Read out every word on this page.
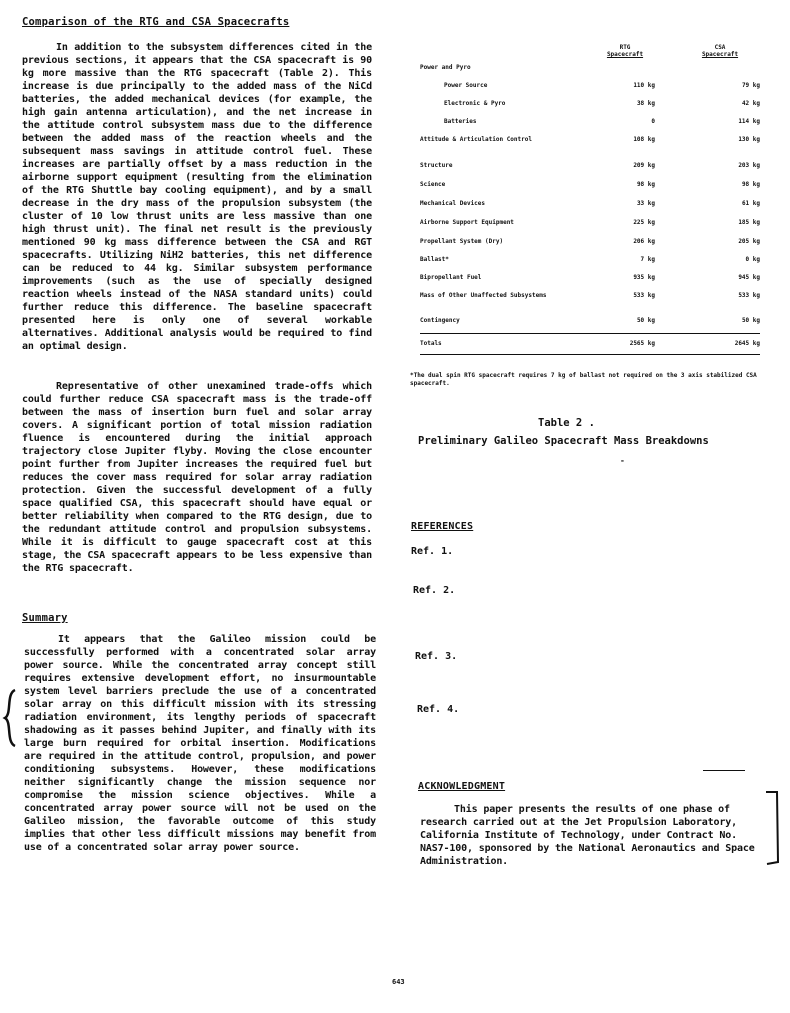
Comparison of the RTG and CSA Spacecrafts
In addition to the subsystem differences cited in the previous sections, it appears that the CSA spacecraft is 90 kg more massive than the RTG spacecraft (Table 2). This increase is due principally to the added mass of the NiCd batteries, the added mechanical devices (for example, the high gain antenna articulation), and the net increase in the attitude control subsystem mass due to the difference between the added mass of the reaction wheels and the subsequent mass savings in attitude control fuel. These increases are partially offset by a mass reduction in the airborne support equipment (resulting from the elimination of the RTG Shuttle bay cooling equipment), and by a small decrease in the dry mass of the propulsion subsystem (the cluster of 10 low thrust units are less massive than one high thrust unit). The final net result is the previously mentioned 90 kg mass difference between the CSA and RGT spacecrafts. Utilizing NiH2 batteries, this net difference can be reduced to 44 kg. Similar subsystem performance improvements (such as the use of specially designed reaction wheels instead of the NASA standard units) could further reduce this difference. The baseline spacecraft presented here is only one of several workable alternatives. Additional analysis would be required to find an optimal design.
Representative of other unexamined trade-offs which could further reduce CSA spacecraft mass is the trade-off between the mass of insertion burn fuel and solar array covers. A significant portion of total mission radiation fluence is encountered during the initial approach trajectory close Jupiter flyby. Moving the close encounter point further from Jupiter increases the required fuel but reduces the cover mass required for solar array radiation protection. Given the successful development of a fully space qualified CSA, this spacecraft should have equal or better reliability when compared to the RTG design, due to the redundant attitude control and propulsion subsystems. While it is difficult to gauge spacecraft cost at this stage, the CSA spacecraft appears to be less expensive than the RTG spacecraft.
Summary
It appears that the Galileo mission could be successfully performed with a concentrated solar array power source. While the concentrated array concept still requires extensive development effort, no insurmountable system level barriers preclude the use of a concentrated solar array on this difficult mission with its stressing radiation environment, its lengthy periods of spacecraft shadowing as it passes behind Jupiter, and finally with its large burn required for orbital insertion. Modifications are required in the attitude control, propulsion, and power conditioning subsystems. However, these modifications neither significantly change the mission sequence nor compromise the mission science objectives. While a concentrated array power source will not be used on the Galileo mission, the favorable outcome of this study implies that other less difficult missions may benefit from use of a concentrated solar array power source.
RTG
Spacecraft
CSA
Spacecraft
Power and Pyro
Power Source	110 kg	79 kg
Electronic & Pyro	38 kg	42 kg
Batteries	0	114 kg
Attitude & Articulation Control	108 kg	130 kg
Structure	209 kg	203 kg
Science	98 kg	98 kg
Mechanical Devices	33 kg	61 kg
Airborne Support Equipment	225 kg	185 kg
Propellant System (Dry)	206 kg	205 kg
Ballast*	7 kg	0 kg
Bipropellant Fuel	935 kg	945 kg
Mass of Other Unaffected Subsystems	533 kg	533 kg
Contingency	50 kg	50 kg
Totals	2565 kg	2645 kg
*The dual spin RTG spacecraft requires 7 kg of ballast not required on the 3 axis stabilized CSA spacecraft.
Table 2 .
Preliminary Galileo Spacecraft Mass Breakdowns
-
REFERENCES
Ref. 1.
Ref. 2.
Ref. 3.
Ref. 4.
ACKNOWLEDGMENT
This paper presents the results of one phase of research carried out at the Jet Propulsion Laboratory, California Institute of Technology, under Contract No. NAS7-100, sponsored by the National Aeronautics and Space Administration.
643
